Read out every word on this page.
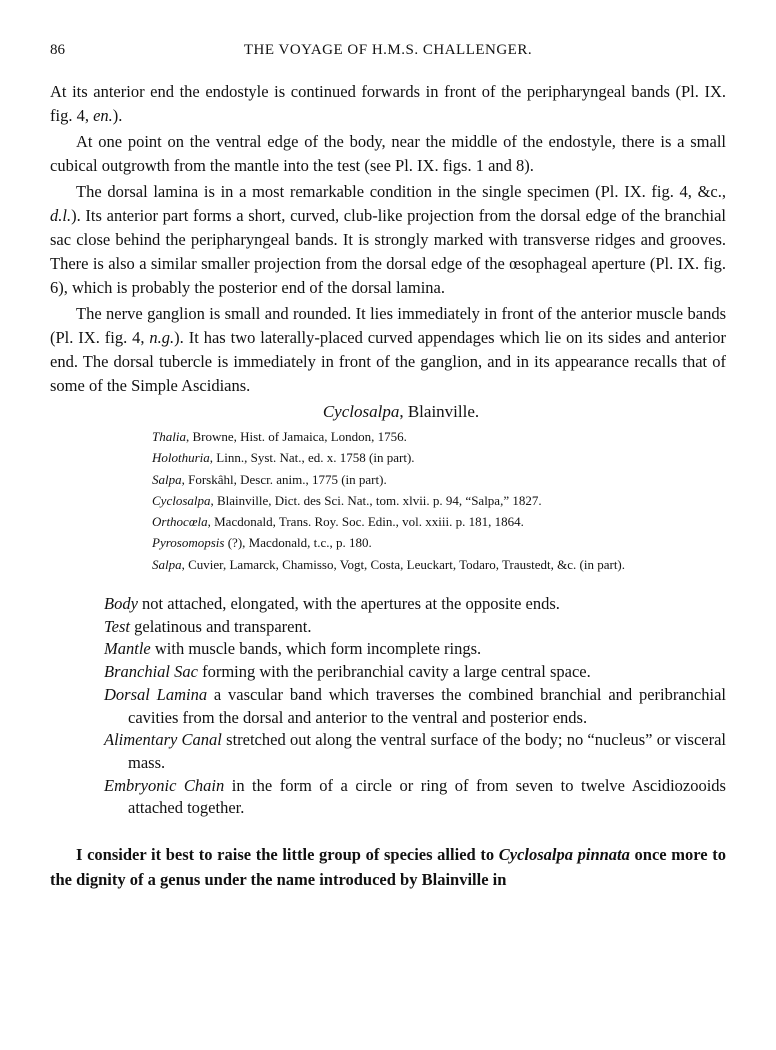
86	THE VOYAGE OF H.M.S. CHALLENGER.

At its anterior end the endostyle is continued forwards in front of the peripharyngeal bands (Pl. IX. fig. 4, en.).

At one point on the ventral edge of the body, near the middle of the endostyle, there is a small cubical outgrowth from the mantle into the test (see Pl. IX. figs. 1 and 8).

The dorsal lamina is in a most remarkable condition in the single specimen (Pl. IX. fig. 4, &c., d.l.). Its anterior part forms a short, curved, club-like projection from the dorsal edge of the branchial sac close behind the peripharyngeal bands. It is strongly marked with transverse ridges and grooves. There is also a similar smaller projection from the dorsal edge of the œsophageal aperture (Pl. IX. fig. 6), which is probably the posterior end of the dorsal lamina.

The nerve ganglion is small and rounded. It lies immediately in front of the anterior muscle bands (Pl. IX. fig. 4, n.g.). It has two laterally-placed curved appendages which lie on its sides and anterior end. The dorsal tubercle is immediately in front of the ganglion, and in its appearance recalls that of some of the Simple Ascidians.

Cyclosalpa, Blainville.

Thalia, Browne, Hist. of Jamaica, London, 1756.
Holothuria, Linn., Syst. Nat., ed. x. 1758 (in part).
Salpa, Forskâhl, Descr. anim., 1775 (in part).
Cyclosalpa, Blainville, Dict. des Sci. Nat., tom. xlvii. p. 94, “Salpa,” 1827.
Orthocœla, Macdonald, Trans. Roy. Soc. Edin., vol. xxiii. p. 181, 1864.
Pyrosomopsis (?), Macdonald, t.c., p. 180.
Salpa, Cuvier, Lamarck, Chamisso, Vogt, Costa, Leuckart, Todaro, Traustedt, &c. (in part).
Body not attached, elongated, with the apertures at the opposite ends.
Test gelatinous and transparent.
Mantle with muscle bands, which form incomplete rings.
Branchial Sac forming with the peribranchial cavity a large central space.
Dorsal Lamina a vascular band which traverses the combined branchial and peribranchial cavities from the dorsal and anterior to the ventral and posterior ends.
Alimentary Canal stretched out along the ventral surface of the body; no “nucleus” or visceral mass.
Embryonic Chain in the form of a circle or ring of from seven to twelve Ascidiozooids attached together.

I consider it best to raise the little group of species allied to Cyclosalpa pinnata once more to the dignity of a genus under the name introduced by Blainville in
